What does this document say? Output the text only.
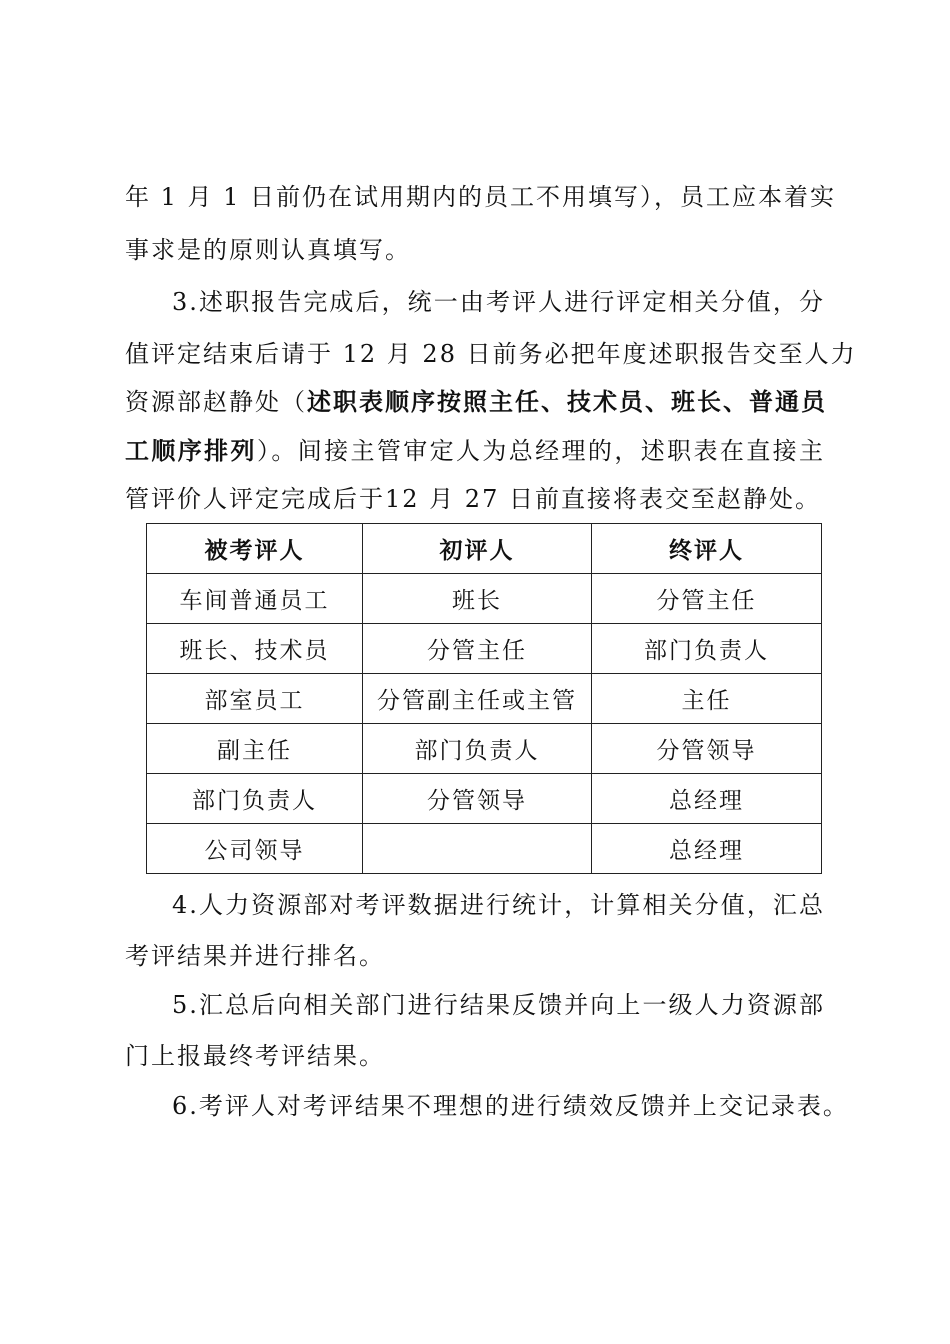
年 1 月 1 日前仍在试用期内的员工不用填写），员工应本着实
事求是的原则认真填写。
3.述职报告完成后，统一由考评人进行评定相关分值，分
值评定结束后请于 12 月 28 日前务必把年度述职报告交至人力
资源部赵静处（述职表顺序按照主任、技术员、班长、普通员
工顺序排列）。间接主管审定人为总经理的，述职表在直接主
管评价人评定完成后于12 月 27 日前直接将表交至赵静处。
被考评人	初评人	终评人
车间普通员工	班长	分管主任
班长、技术员	分管主任	部门负责人
部室员工	分管副主任或主管	主任
副主任	部门负责人	分管领导
部门负责人	分管领导	总经理
公司领导		总经理
4.人力资源部对考评数据进行统计，计算相关分值，汇总
考评结果并进行排名。
5.汇总后向相关部门进行结果反馈并向上一级人力资源部
门上报最终考评结果。
6.考评人对考评结果不理想的进行绩效反馈并上交记录表。
